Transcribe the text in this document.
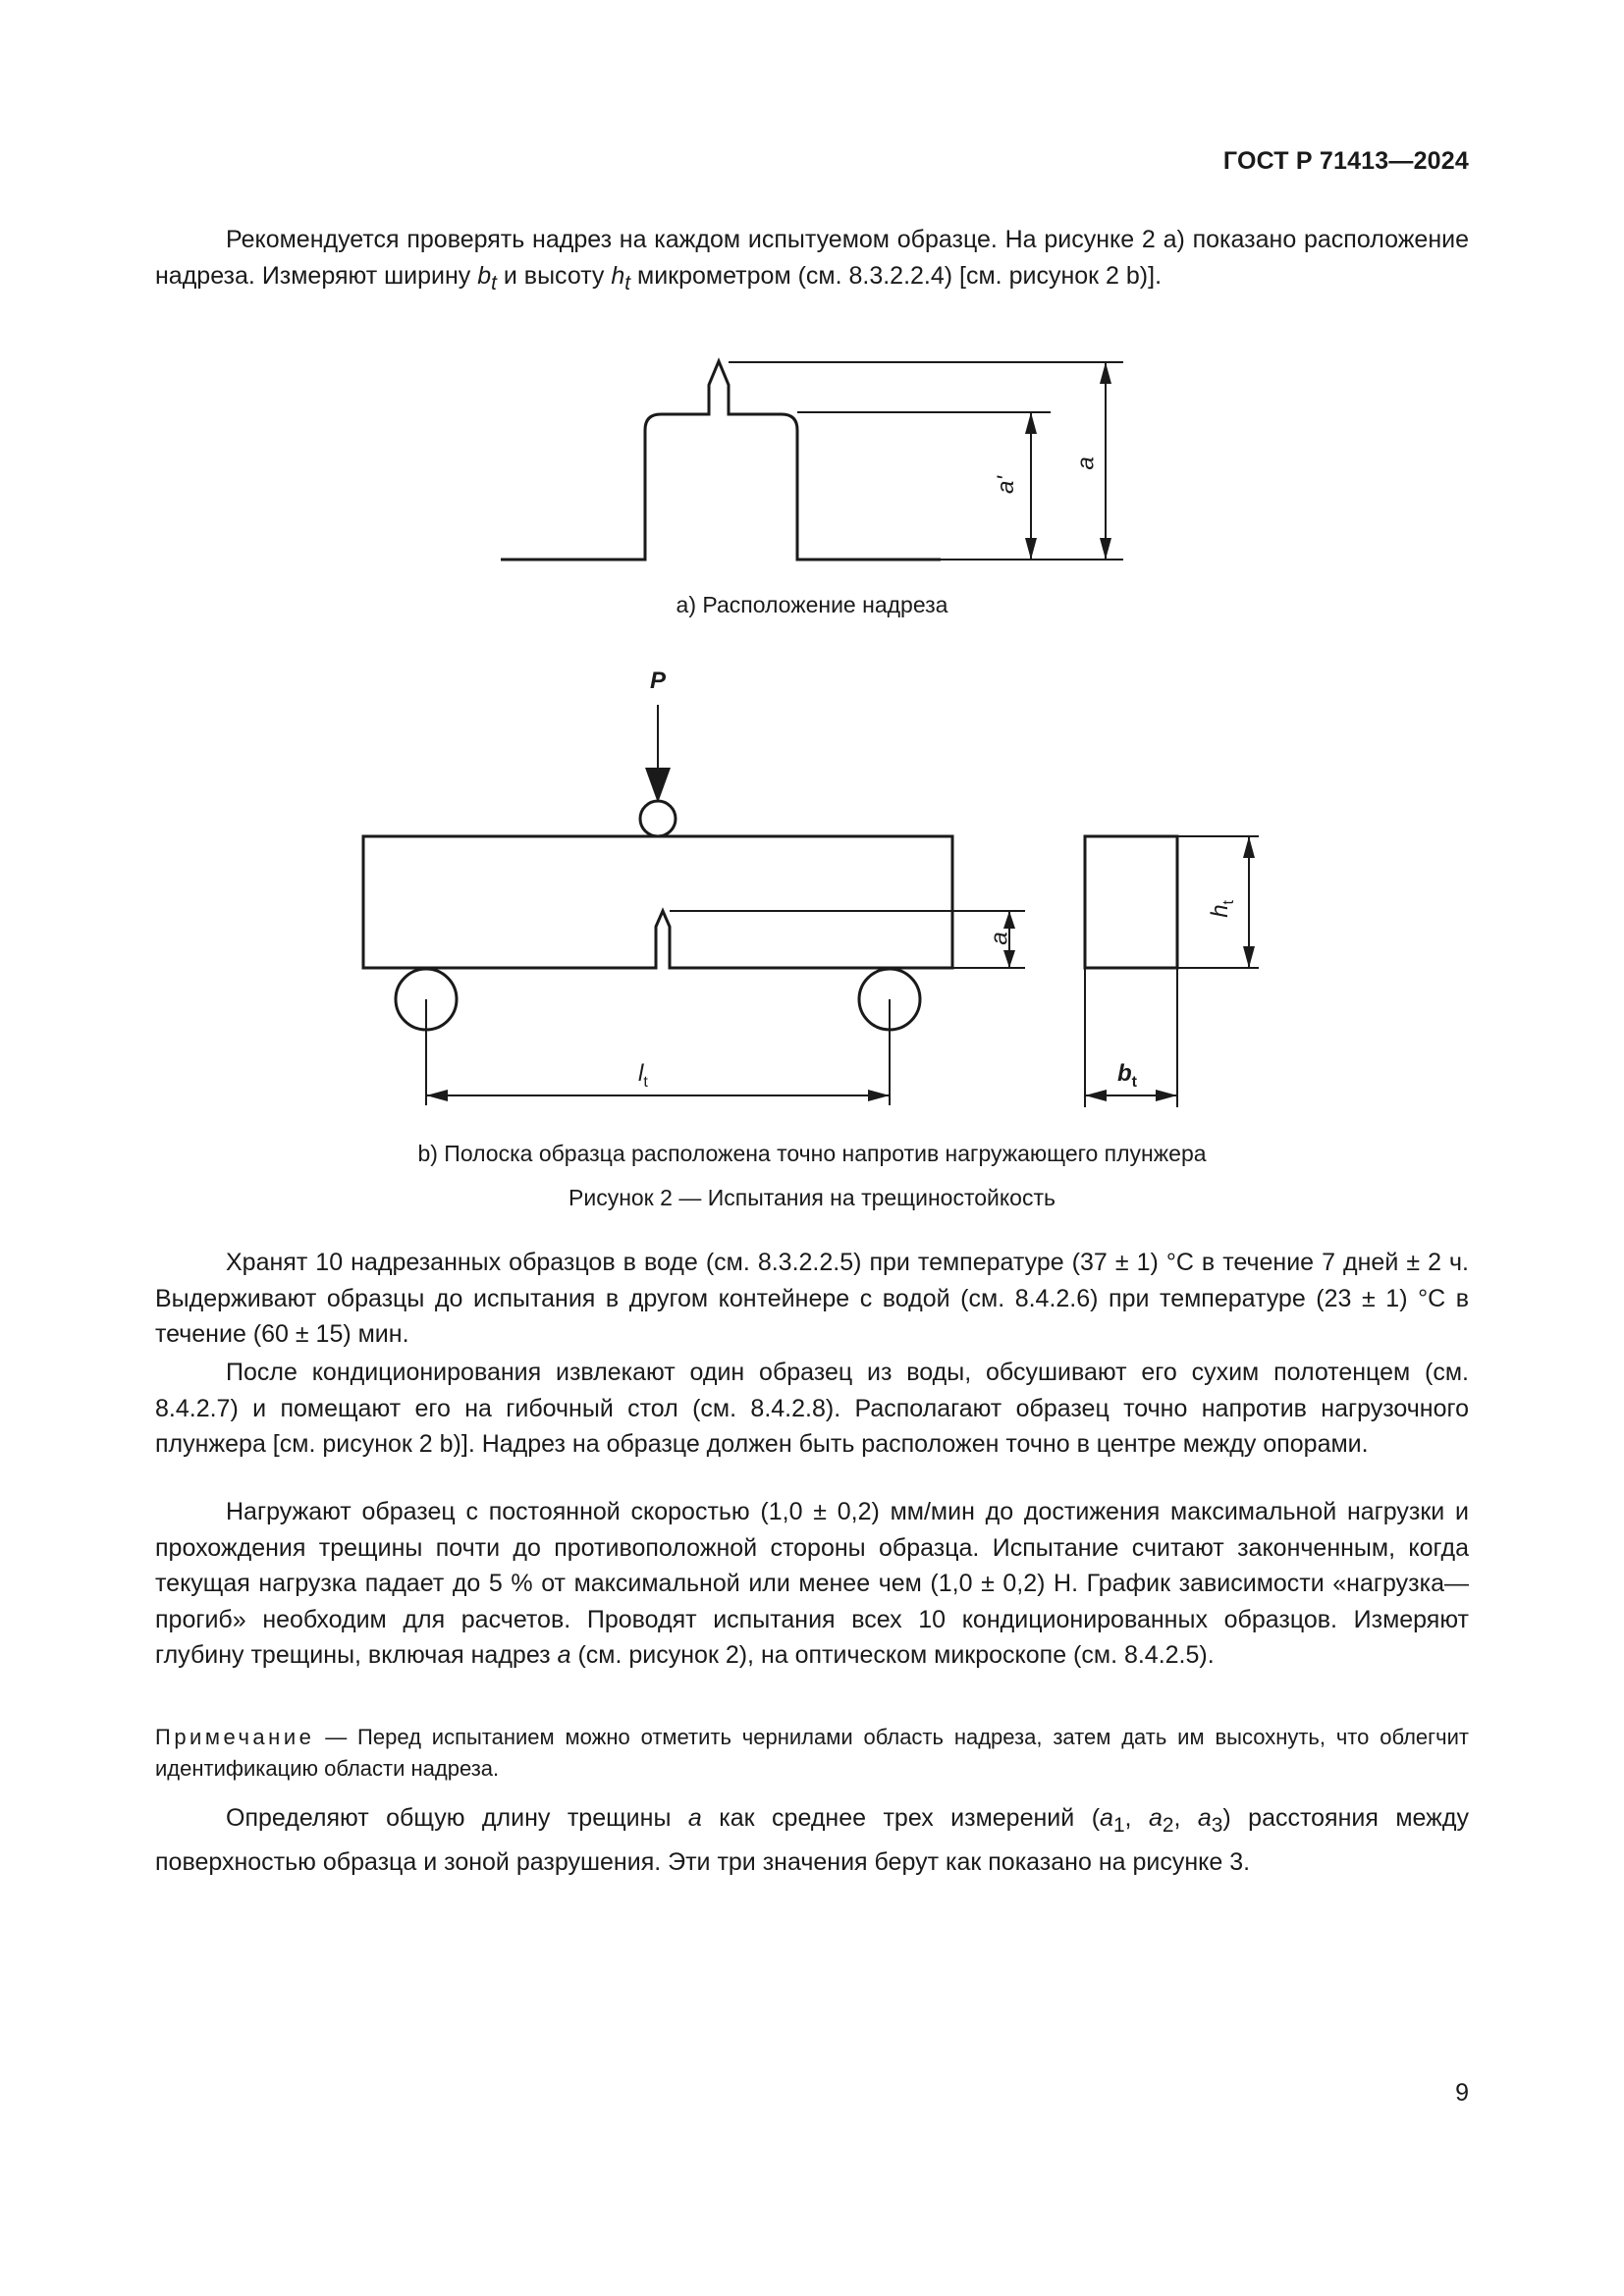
ГОСТ Р 71413—2024

Рекомендуется проверять надрез на каждом испытуемом образце. На рисунке 2 а) показано расположение надреза. Измеряют ширину $b_t$ и высоту $h_t$ микрометром (см. 8.3.2.2.4) [см. рисунок 2 b)].

a'
a
a) Расположение надреза
P
a
$l_t$
$h_t$
$b_t$
b) Полоска образца расположена точно напротив нагружающего плунжера
Рисунок 2 — Испытания на трещиностойкость

Хранят 10 надрезанных образцов в воде (см. 8.3.2.2.5) при температуре (37 ± 1) °С в течение 7 дней ± 2 ч. Выдерживают образцы до испытания в другом контейнере с водой (см. 8.4.2.6) при температуре (23 ± 1) °С в течение (60 ± 15) мин.

После кондиционирования извлекают один образец из воды, обсушивают его сухим полотенцем (см. 8.4.2.7) и помещают его на гибочный стол (см. 8.4.2.8). Располагают образец точно напротив нагрузочного плунжера [см. рисунок 2 b)]. Надрез на образце должен быть расположен точно в центре между опорами.

Нагружают образец с постоянной скоростью (1,0 ± 0,2) мм/мин до достижения максимальной нагрузки и прохождения трещины почти до противоположной стороны образца. Испытание считают законченным, когда текущая нагрузка падает до 5 % от максимальной или менее чем (1,0 ± 0,2) Н. График зависимости «нагрузка—прогиб» необходим для расчетов. Проводят испытания всех 10 кондиционированных образцов. Измеряют глубину трещины, включая надрез а (см. рисунок 2), на оптическом микроскопе (см. 8.4.2.5).

Примечание — Перед испытанием можно отметить чернилами область надреза, затем дать им высохнуть, что облегчит идентификацию области надреза.

Определяют общую длину трещины a как среднее трех измерений ($a_1$, $a_2$, $a_3$) расстояния между поверхностью образца и зоной разрушения. Эти три значения берут как показано на рисунке 3.

9
